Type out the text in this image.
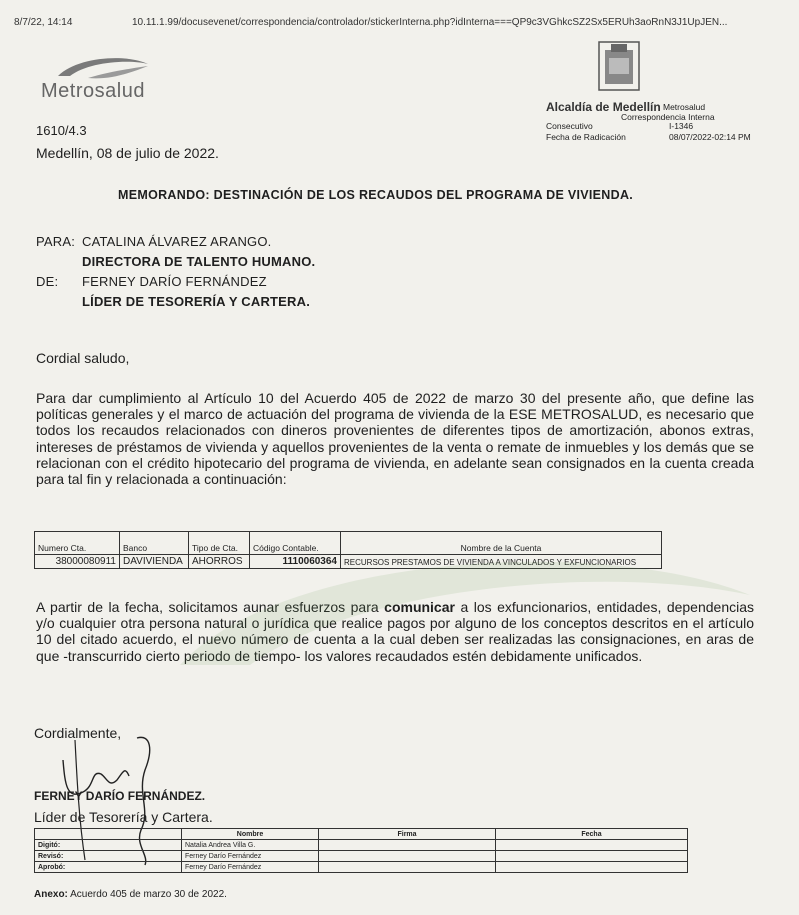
8/7/22, 14:14	10.11.1.99/docusevenet/correspondencia/controlador/stickerInterna.php?idInterna===QP9c3VGhkcSZ2Sx5ERUh3aoRnN3J1UpJEN...
Metrosalud
Alcaldía de Medellín Metrosalud
Correspondencia Interna
Consecutivo	I-1346
Fecha de Radicación	08/07/2022-02:14 PM
1610/4.3
Medellín, 08 de julio de 2022.
MEMORANDO: DESTINACIÓN DE LOS RECAUDOS DEL PROGRAMA DE VIVIENDA.
PARA: CATALINA ÁLVAREZ ARANGO.
DIRECTORA DE TALENTO HUMANO.
DE: FERNEY DARÍO FERNÁNDEZ
LÍDER DE TESORERÍA Y CARTERA.
Cordial saludo,
Para dar cumplimiento al Artículo 10 del Acuerdo 405 de 2022 de marzo 30 del presente año, que define las políticas generales y el marco de actuación del programa de vivienda de la ESE METROSALUD, es necesario que todos los recaudos relacionados con dineros provenientes de diferentes tipos de amortización, abonos extras, intereses de préstamos de vivienda y aquellos provenientes de la venta o remate de inmuebles y los demás que se relacionan con el crédito hipotecario del programa de vivienda, en adelante sean consignados en la cuenta creada para tal fin y relacionada a continuación:
Numero Cta.	Banco	Tipo de Cta.	Código Contable.	Nombre de la Cuenta
38000080911	DAVIVIENDA	AHORROS	1110060364	RECURSOS PRESTAMOS DE VIVIENDA A VINCULADOS Y EXFUNCIONARIOS
A partir de la fecha, solicitamos aunar esfuerzos para comunicar a los exfuncionarios, entidades, dependencias y/o cualquier otra persona natural o jurídica que realice pagos por alguno de los conceptos descritos en el artículo 10 del citado acuerdo, el nuevo número de cuenta a la cual deben ser realizadas las consignaciones, en aras de que -transcurrido cierto periodo de tiempo- los valores recaudados estén debidamente unificados.
Cordialmente,
FERNEY DARÍO FERNÁNDEZ.
Líder de Tesorería y Cartera.
	Nombre	Firma	Fecha
Digitó:	Natalia Andrea Villa G.		
Revisó:	Ferney Darío Fernández		
Aprobó:	Ferney Darío Fernández		
Anexo: Acuerdo 405 de marzo 30 de 2022.
